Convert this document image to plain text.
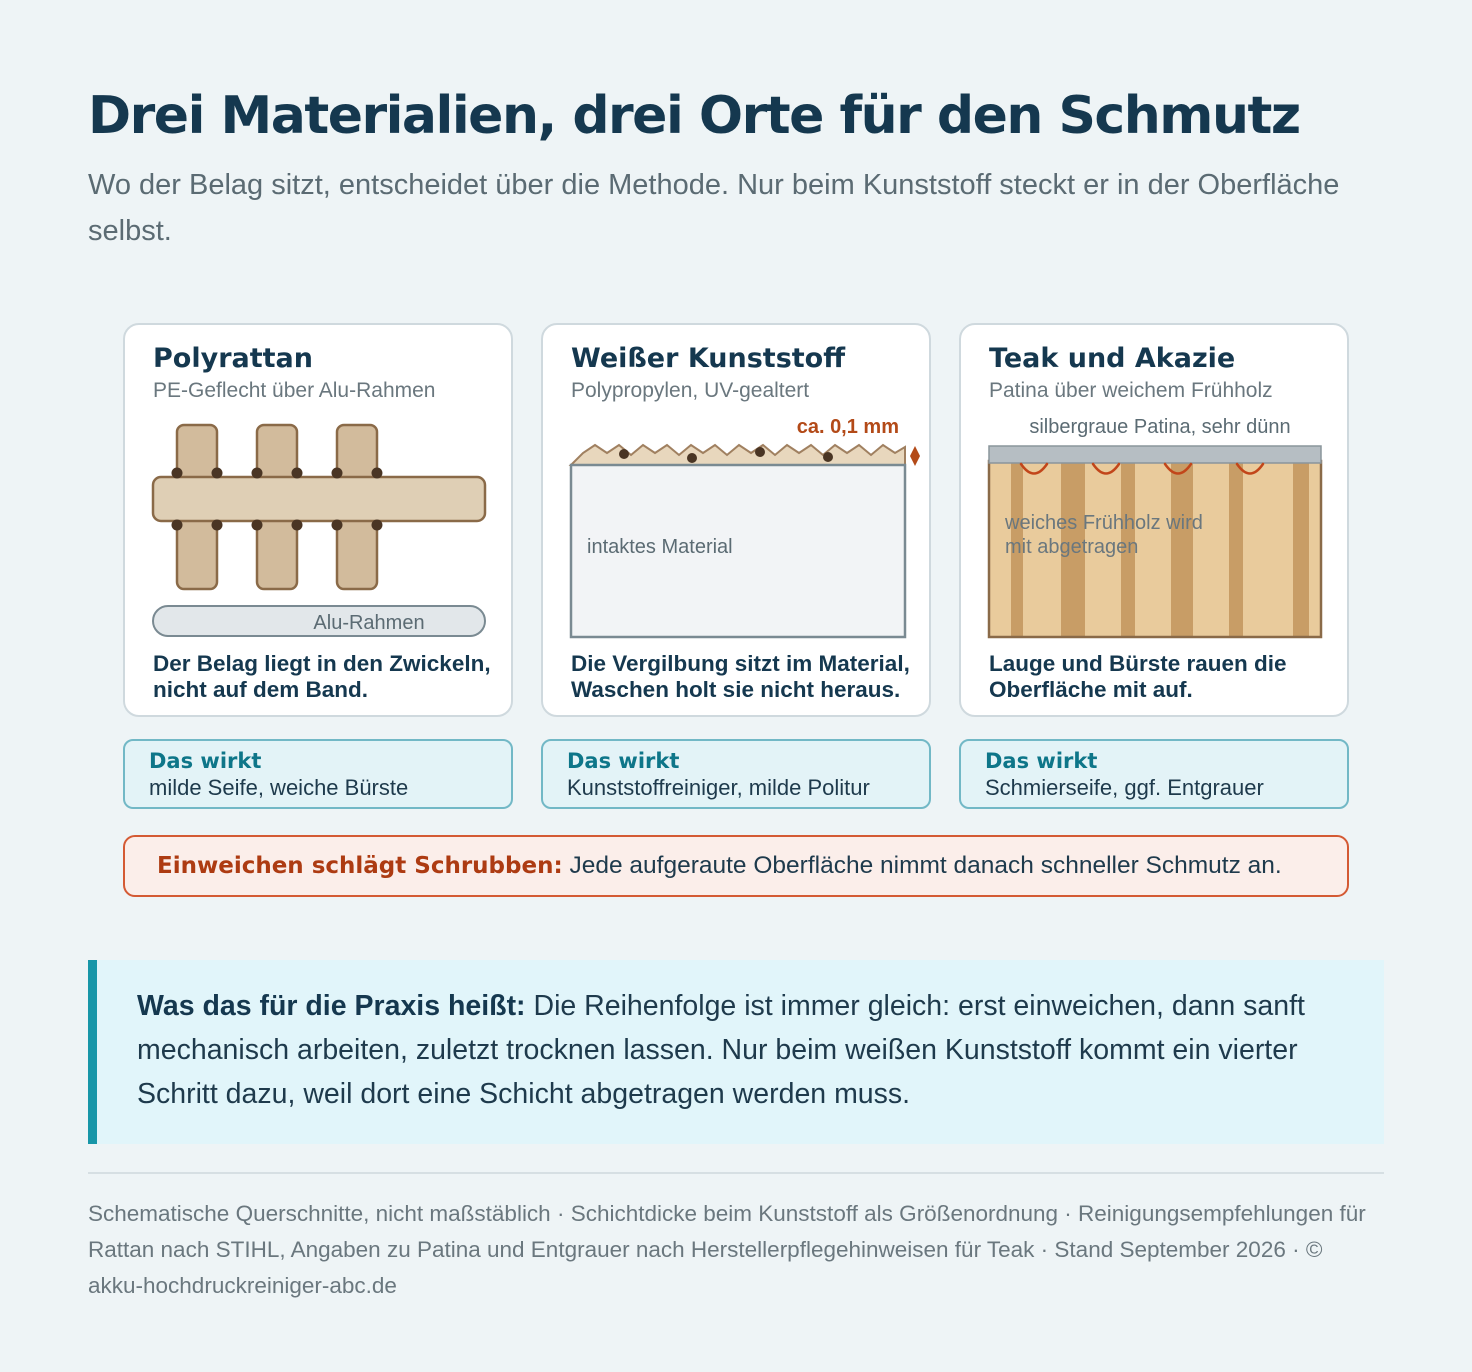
Drei Materialien, drei Orte für den Schmutz
Wo der Belag sitzt, entscheidet über die Methode. Nur beim Kunststoff steckt er in der Oberfläche selbst.
Polyrattan
PE-Geflecht über Alu-Rahmen
Alu-Rahmen
Der Belag liegt in den Zwickeln, nicht auf dem Band.
Weißer Kunststoff
Polypropylen, UV-gealtert
ca. 0,1 mm
intaktes Material
Die Vergilbung sitzt im Material, Waschen holt sie nicht heraus.
Teak und Akazie
Patina über weichem Frühholz
silbergraue Patina, sehr dünn
weiches Frühholz wird
mit abgetragen
Lauge und Bürste rauen die Oberfläche mit auf.
Das wirkt
milde Seife, weiche Bürste
Das wirkt
Kunststoffreiniger, milde Politur
Das wirkt
Schmierseife, ggf. Entgrauer
Einweichen schlägt Schrubben: Jede aufgeraute Oberfläche nimmt danach schneller Schmutz an.
Was das für die Praxis heißt: Die Reihenfolge ist immer gleich: erst einweichen, dann sanft mechanisch arbeiten, zuletzt trocknen lassen. Nur beim weißen Kunststoff kommt ein vierter Schritt dazu, weil dort eine Schicht abgetragen werden muss.
Schematische Querschnitte, nicht maßstäblich · Schichtdicke beim Kunststoff als Größenordnung · Reinigungsempfehlungen für Rattan nach STIHL, Angaben zu Patina und Entgrauer nach Herstellerpflegehinweisen für Teak · Stand September 2026 · © akku-hochdruckreiniger-abc.de
